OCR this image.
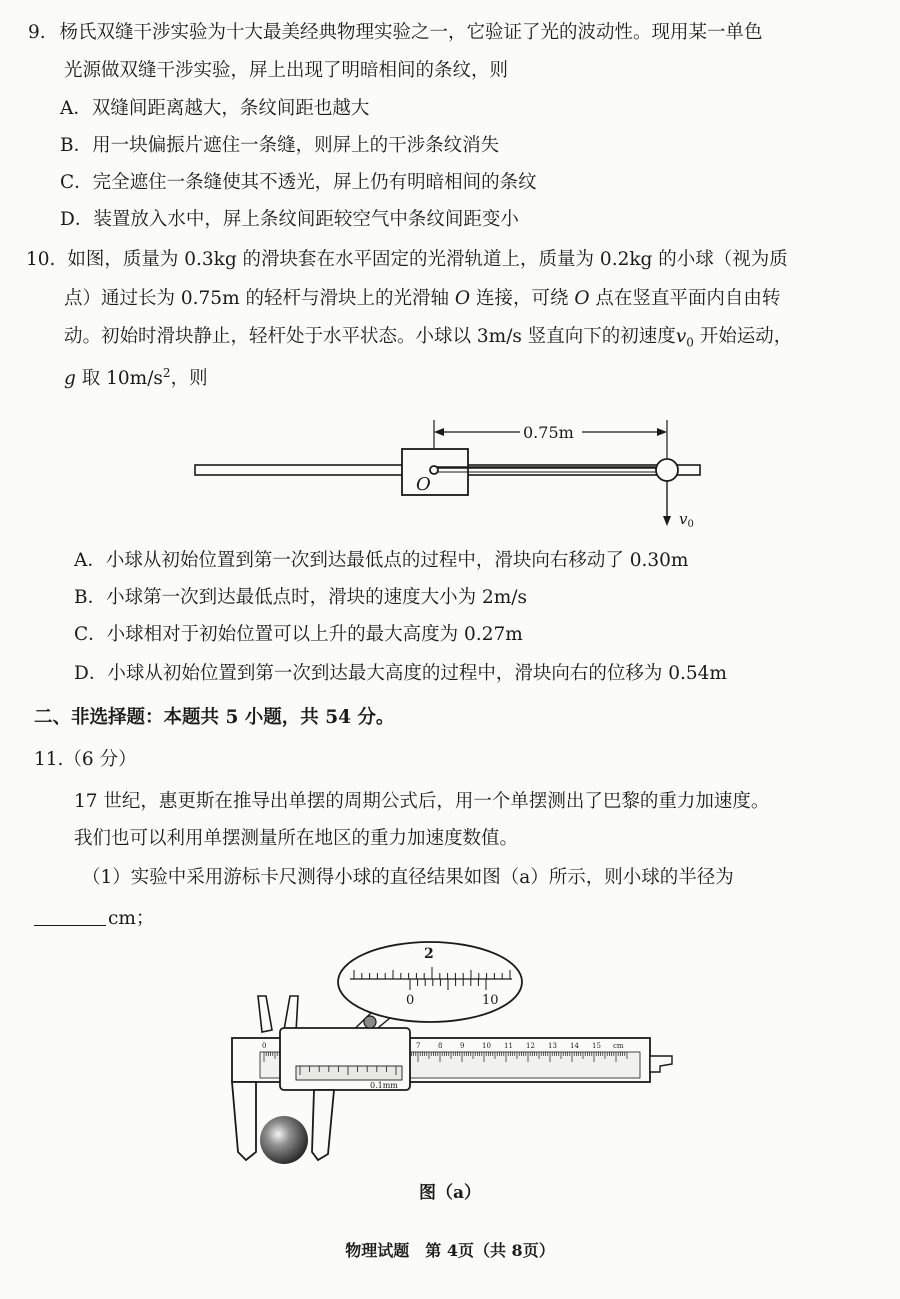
9. 杨氏双缝干涉实验为十大最美经典物理实验之一，它验证了光的波动性。现用某一单色
光源做双缝干涉实验，屏上出现了明暗相间的条纹，则
A．双缝间距离越大，条纹间距也越大
B．用一块偏振片遮住一条缝，则屏上的干涉条纹消失
C．完全遮住一条缝使其不透光，屏上仍有明暗相间的条纹
D．装置放入水中，屏上条纹间距较空气中条纹间距变小
10. 如图，质量为 0.3kg 的滑块套在水平固定的光滑轨道上，质量为 0.2kg 的小球（视为质
点）通过长为 0.75m 的轻杆与滑块上的光滑轴 O 连接，可绕 O 点在竖直平面内自由转
动。初始时滑块静止，轻杆处于水平状态。小球以 3m/s 竖直向下的初速度$v_0$ 开始运动，
g 取 $10m/s^2$，则
O
0.75m
$v_0$
A．小球从初始位置到第一次到达最低点的过程中，滑块向右移动了 0.30m
B．小球第一次到达最低点时，滑块的速度大小为 2m/s
C．小球相对于初始位置可以上升的最大高度为 0.27m
D．小球从初始位置到第一次到达最大高度的过程中，滑块向右的位移为 0.54m
二、非选择题：本题共 5 小题，共 54 分。
11.（6 分）
17 世纪，惠更斯在推导出单摆的周期公式后，用一个单摆测出了巴黎的重力加速度。
我们也可以利用单摆测量所在地区的重力加速度数值。
（1）实验中采用游标卡尺测得小球的直径结果如图（a）所示，则小球的半径为
cm；
2
0	10
0	7	8	9	10 11 12 13 14 15 cm
0.1mm
图（a）
物理试题　第 4页（共 8页）
